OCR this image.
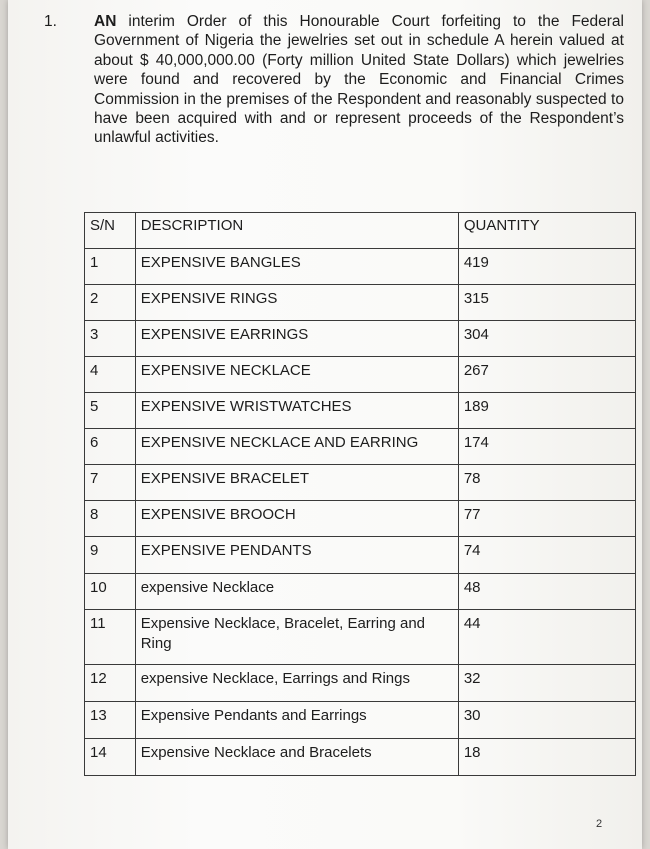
1. AN interim Order of this Honourable Court forfeiting to the Federal Government of Nigeria the jewelries set out in schedule A herein valued at about $ 40,000,000.00 (Forty million United State Dollars) which jewelries were found and recovered by the Economic and Financial Crimes Commission in the premises of the Respondent and reasonably suspected to have been acquired with and or represent proceeds of the Respondent’s unlawful activities.
S/N	DESCRIPTION	QUANTITY
1	EXPENSIVE BANGLES	419
2	EXPENSIVE RINGS	315
3	EXPENSIVE EARRINGS	304
4	EXPENSIVE NECKLACE	267
5	EXPENSIVE WRISTWATCHES	189
6	EXPENSIVE NECKLACE AND EARRING	174
7	EXPENSIVE BRACELET	78
8	EXPENSIVE BROOCH	77
9	EXPENSIVE PENDANTS	74
10	expensive Necklace	48
11	Expensive Necklace, Bracelet, Earring and Ring	44
12	expensive Necklace, Earrings and Rings	32
13	Expensive Pendants and Earrings	30
14	Expensive Necklace and Bracelets	18
2
